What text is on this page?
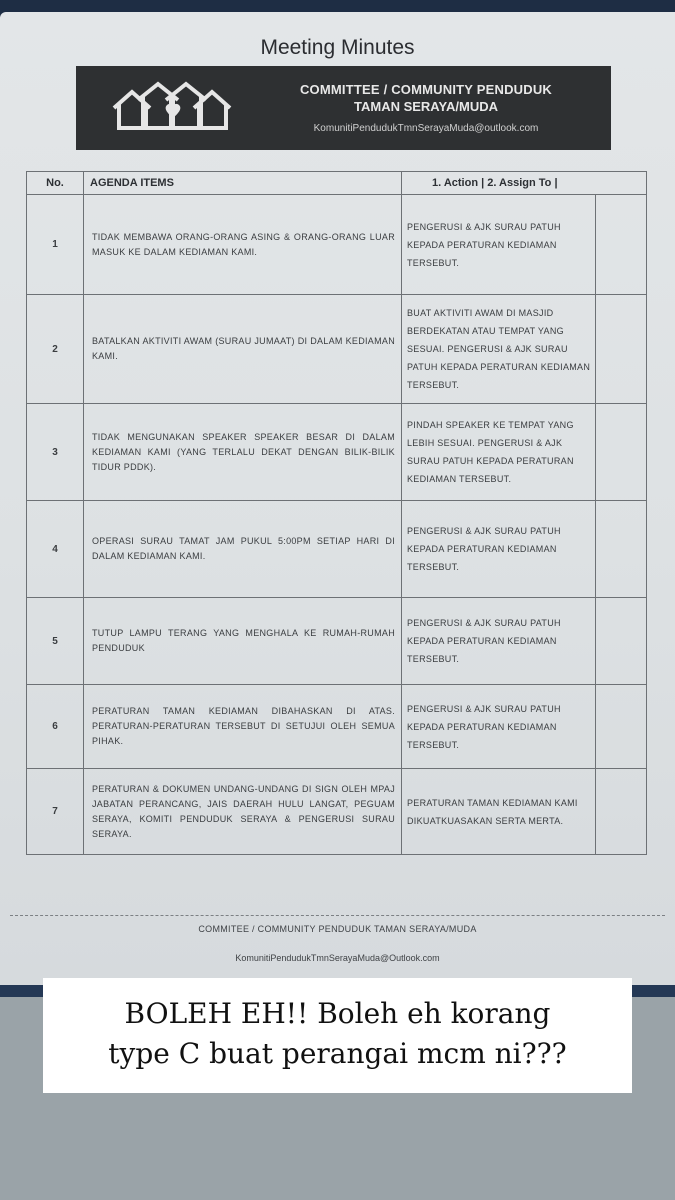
Meeting Minutes
COMMITTEE / COMMUNITY PENDUDUK
TAMAN SERAYA/MUDA
KomunitiPendudukTmnSerayaMuda@outlook.com
No.	AGENDA ITEMS	1. Action | 2. Assign To |	
1	TIDAK MEMBAWA ORANG-ORANG ASING & ORANG-ORANG LUAR MASUK KE DALAM KEDIAMAN KAMI.	PENGERUSI & AJK SURAU PATUH KEPADA PERATURAN KEDIAMAN TERSEBUT.	
2	BATALKAN AKTIVITI AWAM (SURAU JUMAAT) DI DALAM KEDIAMAN KAMI.	BUAT AKTIVITI AWAM DI MASJID BERDEKATAN ATAU TEMPAT YANG SESUAI. PENGERUSI & AJK SURAU PATUH KEPADA PERATURAN KEDIAMAN TERSEBUT.	
3	TIDAK MENGUNAKAN SPEAKER SPEAKER BESAR DI DALAM KEDIAMAN KAMI (YANG TERLALU DEKAT DENGAN BILIK-BILIK TIDUR PDDK).	PINDAH SPEAKER KE TEMPAT YANG LEBIH SESUAI. PENGERUSI & AJK SURAU PATUH KEPADA PERATURAN KEDIAMAN TERSEBUT.	
4	OPERASI SURAU TAMAT JAM PUKUL 5:00PM SETIAP HARI DI DALAM KEDIAMAN KAMI.	PENGERUSI & AJK SURAU PATUH KEPADA PERATURAN KEDIAMAN TERSEBUT.	
5	TUTUP LAMPU TERANG YANG MENGHALA KE RUMAH-RUMAH PENDUDUK	PENGERUSI & AJK SURAU PATUH KEPADA PERATURAN KEDIAMAN TERSEBUT.	
6	PERATURAN TAMAN KEDIAMAN DIBAHASKAN DI ATAS. PERATURAN-PERATURAN TERSEBUT DI SETUJUI OLEH SEMUA PIHAK.	PENGERUSI & AJK SURAU PATUH KEPADA PERATURAN KEDIAMAN TERSEBUT.	
7	PERATURAN & DOKUMEN UNDANG-UNDANG DI SIGN OLEH MPAJ JABATAN PERANCANG, JAIS DAERAH HULU LANGAT, PEGUAM SERAYA, KOMITI PENDUDUK SERAYA & PENGERUSI SURAU SERAYA.	PERATURAN TAMAN KEDIAMAN KAMI DIKUATKUASAKAN SERTA MERTA.	
COMMITEE / COMMUNITY PENDUDUK TAMAN SERAYA/MUDA
KomunitiPendudukTmnSerayaMuda@Outlook.com
BOLEH EH!! Boleh eh korang
type C buat perangai mcm ni???
